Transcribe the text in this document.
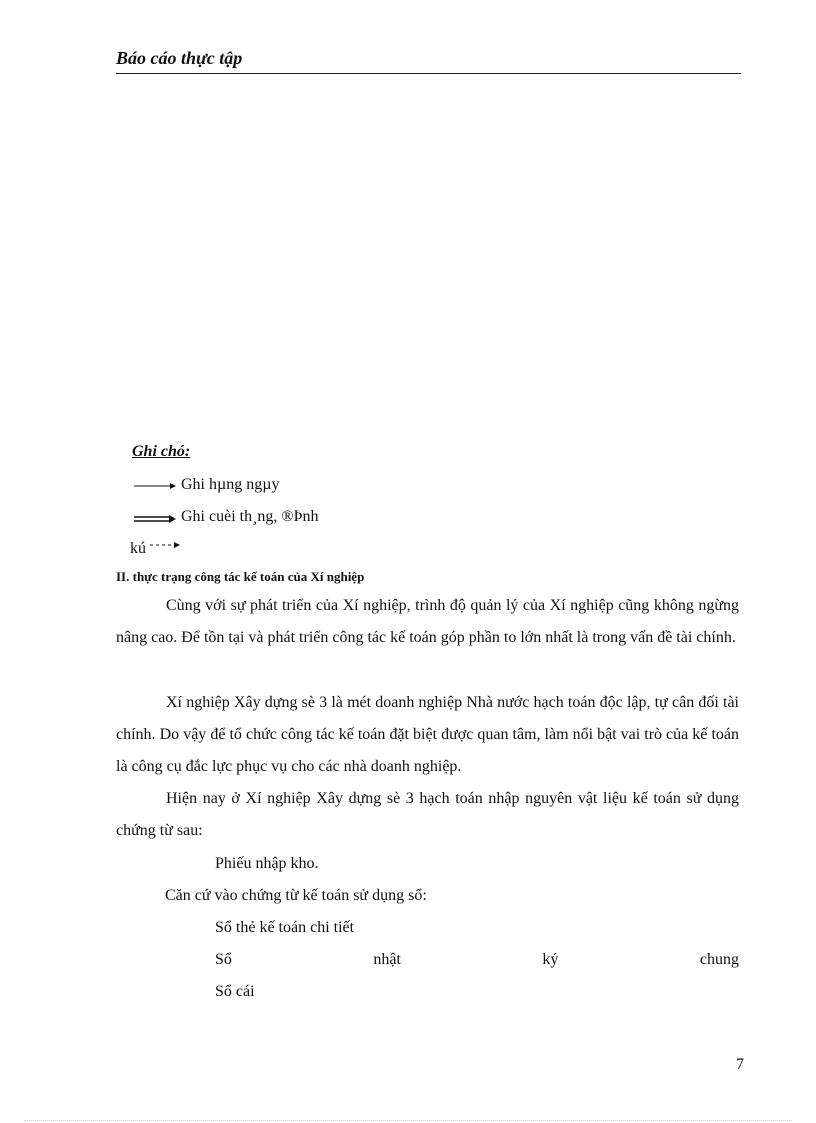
Báo cáo thực tập
Ghi chó:
Ghi hµng ngµy
Ghi cuèi th¸ng, ®Þnh
kú
II. thực trạng công tác kế toán của Xí nghiệp

Cùng với sự phát triển của Xí nghiệp, trình độ quản lý của Xí nghiệp cũng không ngừng nâng cao. Để tồn tại và phát triển công tác kế toán góp phần to lớn nhất là trong vấn đề tài chính.

Xí nghiệp Xây dựng sè 3 là mét doanh nghiệp Nhà nước hạch toán độc lập, tự cân đối tài chính. Do vậy để tổ chức công tác kế toán đặt biệt được quan tâm, làm nổi bật vai trò của kế toán là công cụ đắc lực phục vụ cho các nhà doanh nghiệp.

Hiện nay ở Xí nghiệp Xây dựng sè 3 hạch toán nhập nguyên vật liệu kế toán sử dụng chứng từ sau:

Phiếu nhập kho.

Căn cứ vào chứng từ kế toán sử dụng sổ:

Sổ thẻ kế toán chi tiết

Sổ	nhật	ký	chung

Sổ cái

7
